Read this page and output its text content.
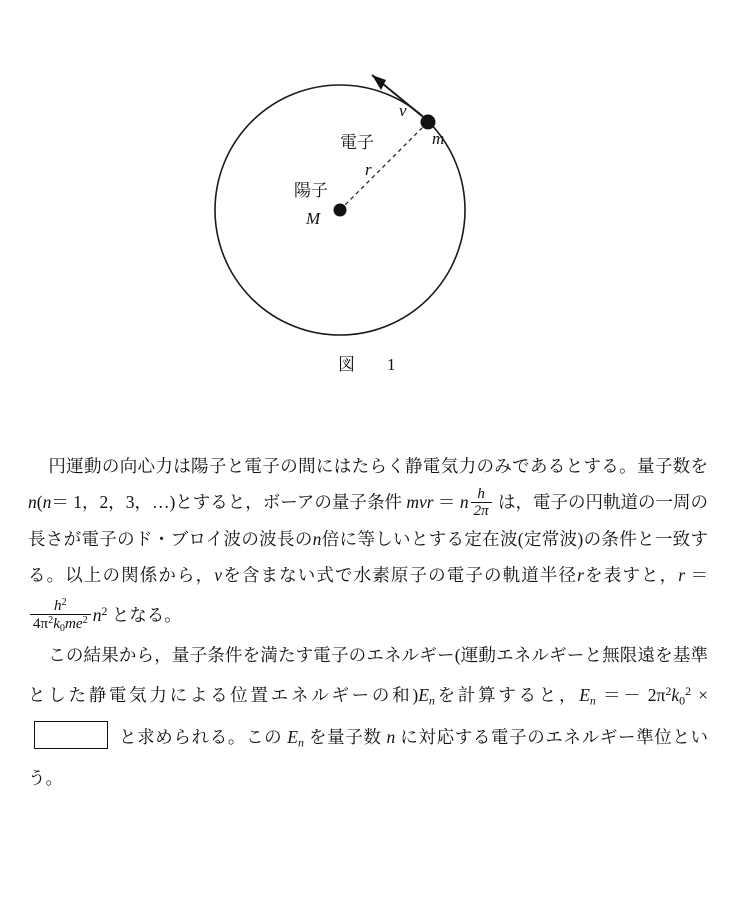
v
電子	m
r
陽子
M
図 1

円運動の向心力は陽子と電子の間にはたらく静電気力のみであるとする。量子数をn(n＝ 1，2，3，…)とすると，ボーアの量子条件 mvr ＝ n $\frac{h}{2\pi}$ は，電子の円軌道の一周の長さが電子のド・ブロイ波の波長のn倍に等しいとする定在波(定常波)の条件と一致する。以上の関係から，vを含まない式で水素原子の電子の軌道半径rを表すと，r ＝
$\frac{h^2}{4\pi^2k_0me^2} n^2$ となる。

この結果から，量子条件を満たす電子のエネルギー(運動エネルギーと無限遠を基準とした静電気力による位置エネルギーの和)$E_n$を計算すると，$E_n =- 2\pi^2k_0^2$ ×  と求められる。この $E_n$ を量子数 n に対応する電子のエネルギー準位という。
